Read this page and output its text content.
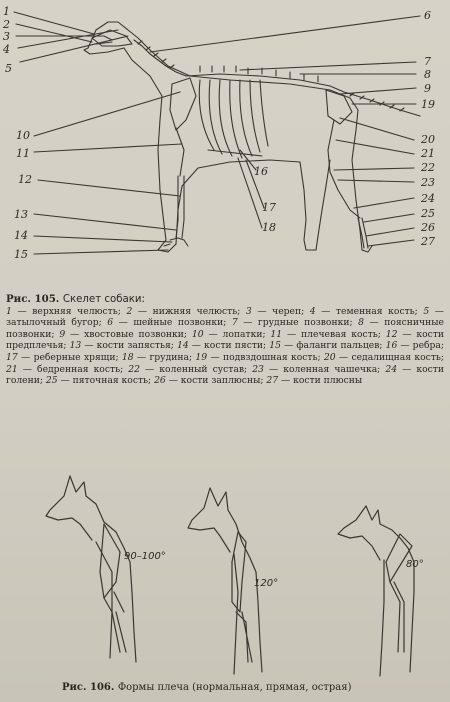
1
2
3
4
5
10
11
12
13
14
15
6
7
8
9
19
20
21
22
23
24
25
26
27
16
17
18
Рис. 105. Скелет собаки:
1 — верхняя челюсть; 2 — нижняя челюсть; 3 — череп; 4 — теменная кость; 5 — затылочный бугор; 6 — шейные позвонки; 7 — грудные позвонки; 8 — поясничные позвонки; 9 — хвостовые позвонки; 10 — лопатки; 11 — плечевая кость; 12 — кости предплечья; 13 — кости запястья; 14 — кости пясти; 15 — фаланги пальцев; 16 — ребра; 17 — реберные хрящи; 18 — грудина; 19 — подвздошная кость; 20 — седалищная кость; 21 — бедренная кость; 22 — коленный сустав; 23 — коленная чашечка; 24 — кости голени; 25 — пяточная кость; 26 — кости заплюсны; 27 — кости плюсны
90–100°
120°
80°
Рис. 106. Формы плеча (нормальная, прямая, острая)
